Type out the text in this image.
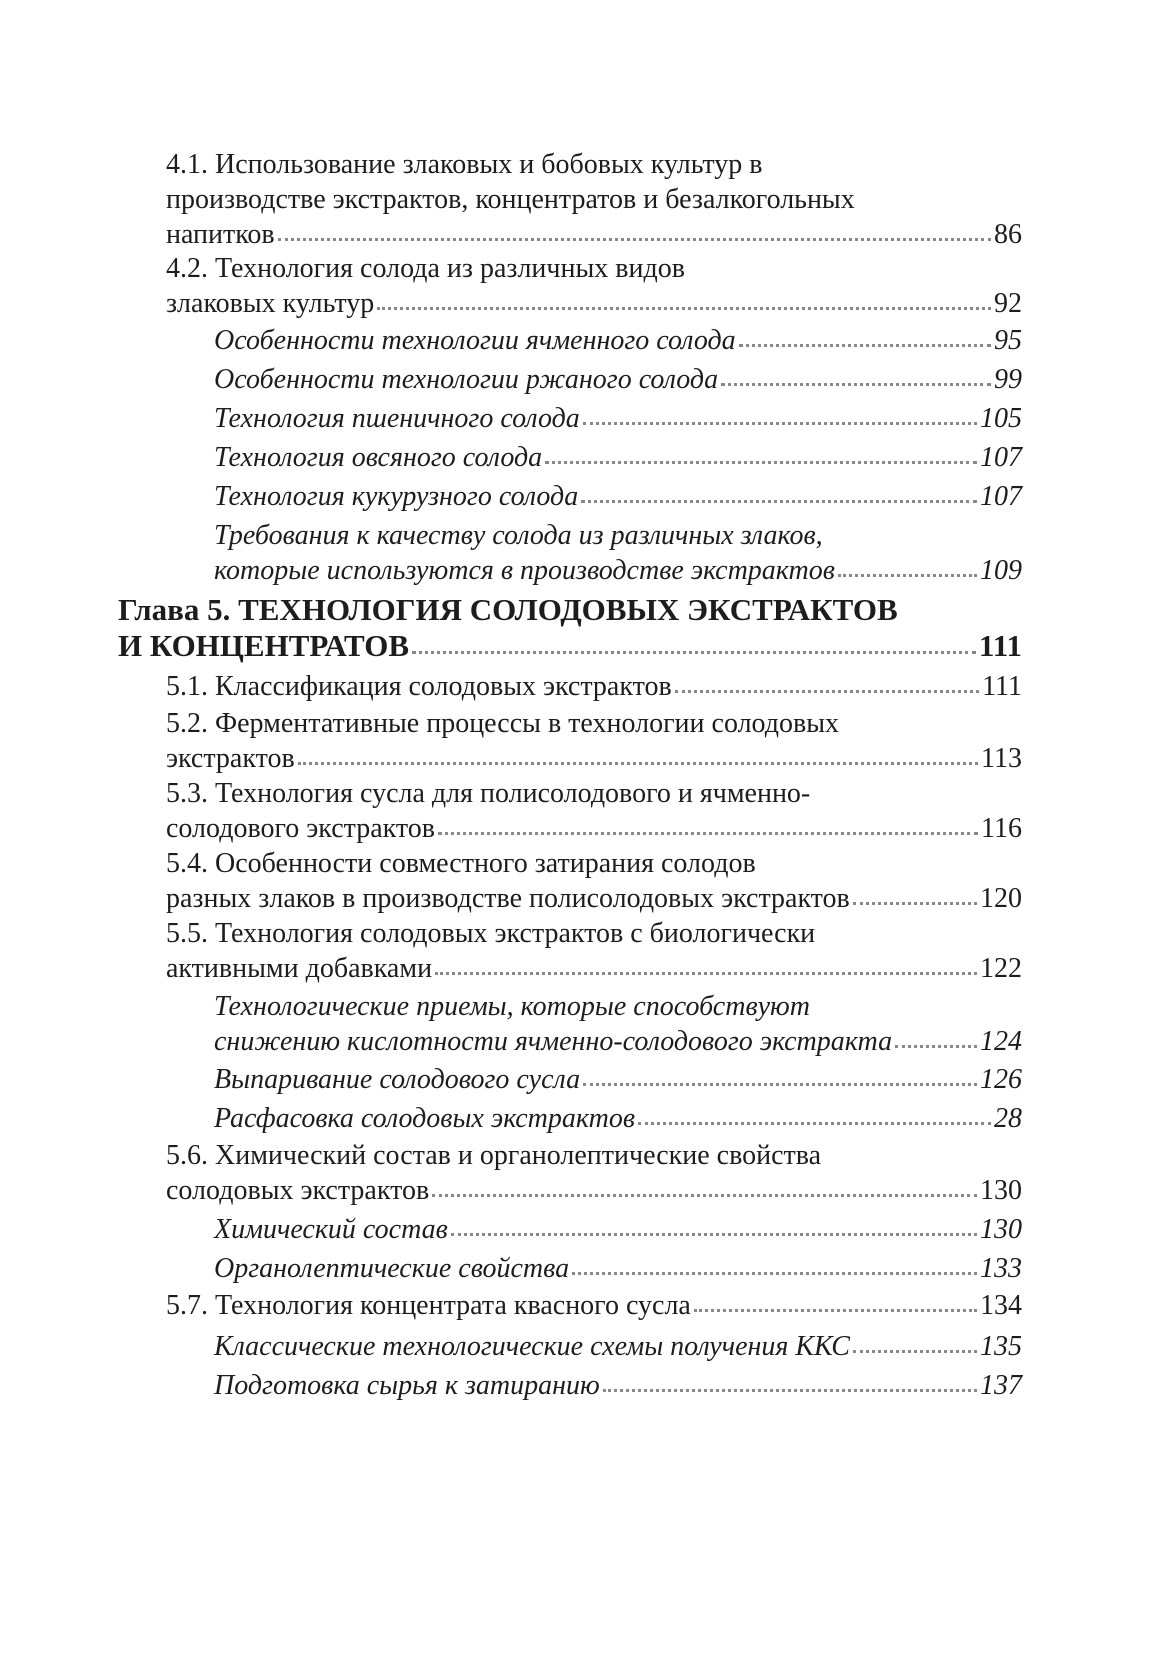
4.1. Использование злаковых и бобовых культур в
производстве экстрактов, концентратов и безалкогольных
напитков	86
4.2. Технология солода из различных видов
злаковых культур	92
Особенности технологии ячменного солода	95
Особенности технологии ржаного солода	99
Технология пшеничного солода	105
Технология овсяного солода	107
Технология кукурузного солода	107
Требования к качеству солода из различных злаков,
которые используются в производстве экстрактов	109
Глава 5. ТЕХНОЛОГИЯ СОЛОДОВЫХ ЭКСТРАКТОВ
И КОНЦЕНТРАТОВ	111
5.1. Классификация солодовых экстрактов	111
5.2. Ферментативные процессы в технологии солодовых
экстрактов	113
5.3. Технология сусла для полисолодового и ячменно-
солодового экстрактов	116
5.4. Особенности совместного затирания солодов
разных злаков в производстве полисолодовых экстрактов	120
5.5. Технология солодовых экстрактов с биологически
активными добавками	122
Технологические приемы, которые способствуют
снижению кислотности ячменно-солодового экстракта	124
Выпаривание солодового сусла	126
Расфасовка солодовых экстрактов	28
5.6. Химический состав и органолептические свойства
солодовых экстрактов	130
Химический состав	130
Органолептические свойства	133
5.7. Технология концентрата квасного сусла	134
Классические технологические схемы получения ККС	135
Подготовка сырья к затиранию	137
